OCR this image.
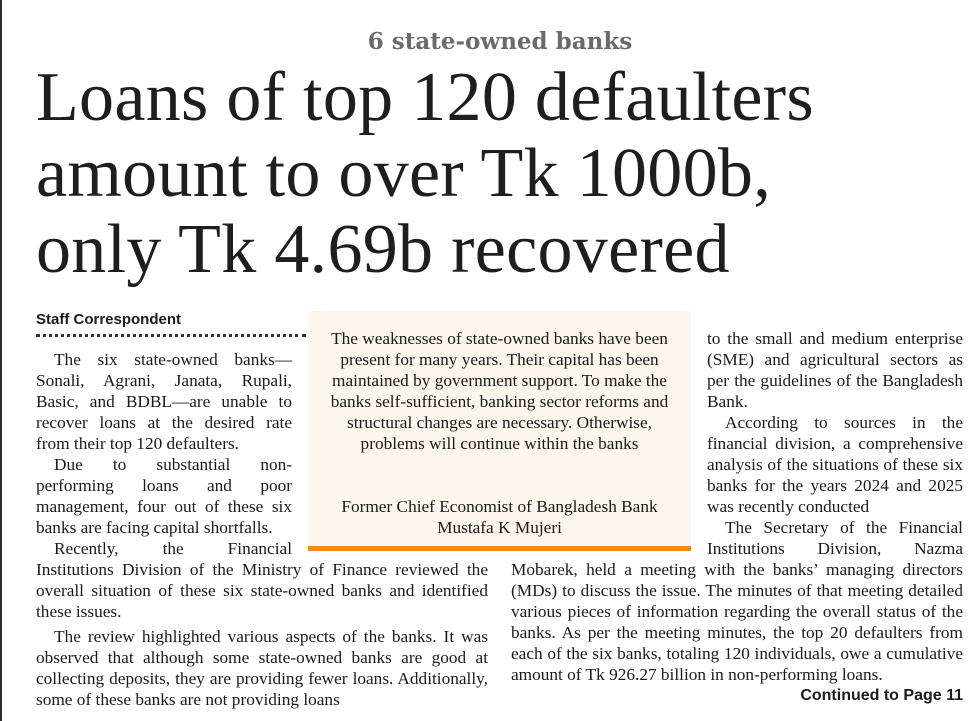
6 state-owned banks
Loans of top 120 defaulters
amount to over Tk 1000b,
only Tk 4.69b recovered
Staff Correspondent

The six state-owned banks—Sonali, Agrani, Janata, Rupali, Basic, and BDBL—are unable to recover loans at the desired rate from their top 120 defaulters.

Due to substantial non-performing loans and poor management, four out of these six banks are facing capital shortfalls.

Recently, the Financial

The weaknesses of state-owned banks have been present for many years. Their capital has been maintained by government support. To make the banks self-sufficient, banking sector reforms and structural changes are necessary. Otherwise, problems will continue within the banks
Former Chief Economist of Bangladesh Bank Mustafa K Mujeri

to the small and medium enterprise (SME) and agricultural sectors as per the guidelines of the Bangladesh Bank.

According to sources in the financial division, a comprehensive analysis of the situations of these six banks for the years 2024 and 2025 was recently conducted

The Secretary of the Financial Institutions Division, Nazma

Institutions Division of the Ministry of Finance reviewed the overall situation of these six state-owned banks and identified these issues.

The review highlighted various aspects of the banks. It was observed that although some state-owned banks are good at collecting deposits, they are providing fewer loans. Additionally, some of these banks are not providing loans

Mobarek, held a meeting with the banks’ managing directors (MDs) to discuss the issue. The minutes of that meeting detailed various pieces of information regarding the overall status of the banks. As per the meeting minutes, the top 20 defaulters from each of the six banks, totaling 120 individuals, owe a cumulative amount of Tk 926.27 billion in non-performing loans.
Continued to Page 11
